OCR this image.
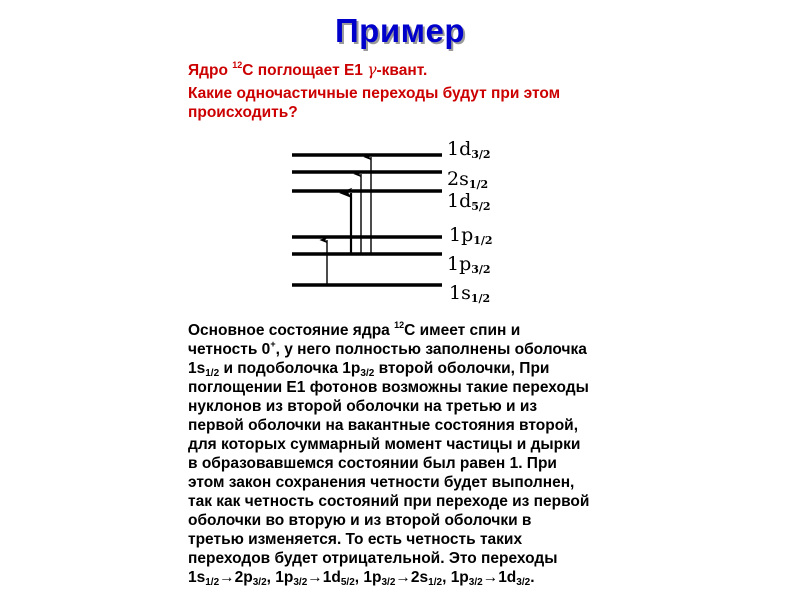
Пример
Ядро $^{12}$С поглощает Е1 γ-квант.
Какие одночастичные переходы будут при этом происходить?
1d3/2
2s1/2
1d5/2
1p1/2
1p3/2
1s1/2
Основное состояние ядра $^{12}$С имеет спин и
четность 0+, у него полностью заполнены оболочка
$1s_{1/2}$ и подоболочка $1p_{3/2}$ второй оболочки, При
поглощении Е1 фотонов возможны такие переходы
нуклонов из второй оболочки на третью и из
первой оболочки на вакантные состояния второй,
для которых суммарный момент частицы и дырки
в образовавшемся состоянии был равен 1. При
этом закон сохранения четности будет выполнен,
так как четность состояний при переходе из первой
оболочки во вторую и из второй оболочки в
третью изменяется. То есть четность таких
переходов будет отрицательной. Это переходы
$1s_{1/2}\to 2p_{3/2}$, $1p_{3/2}\to 1d_{5/2}$, $1p_{3/2}\to 2s_{1/2}$, $1p_{3/2}\to 1d_{3/2}$.
